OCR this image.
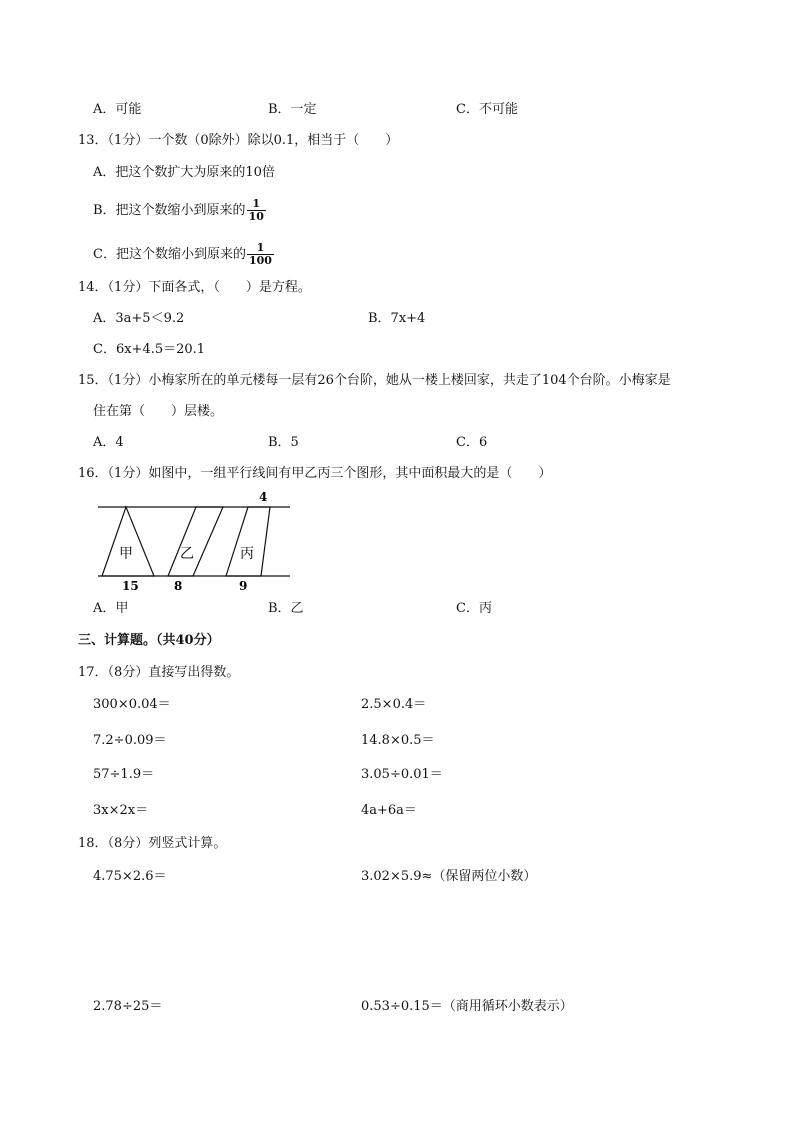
A．可能	B．一定	C．不可能
13．（1分）一个数（0除外）除以0.1，相当于（　　）
A．把这个数扩大为原来的10倍
B．把这个数缩小到原来的 $\frac{1}{10}$
C．把这个数缩小到原来的 $\frac{1}{100}$
14．（1分）下面各式，（　　）是方程。
A．3a+5＜9.2	B．7x+4
C．6x+4.5＝20.1
15．（1分）小梅家所在的单元楼每一层有26个台阶，她从一楼上楼回家，共走了104个台阶。小梅家是
住在第（　　）层楼。
A．4	B．5	C．6
16．（1分）如图中，一组平行线间有甲乙丙三个图形，其中面积最大的是（　　）
甲	乙	丙
4
15	8	9
A．甲	B．乙	C．丙
三、计算题。（共40分）
17．（8分）直接写出得数。
300×0.04＝	2.5×0.4＝
7.2÷0.09＝	14.8×0.5＝
57÷1.9＝	3.05÷0.01＝
3x×2x＝	4a+6a＝
18．（8分）列竖式计算。
4.75×2.6＝	3.02×5.9≈（保留两位小数）
2.78÷25＝	0.53÷0.15＝（商用循环小数表示）
